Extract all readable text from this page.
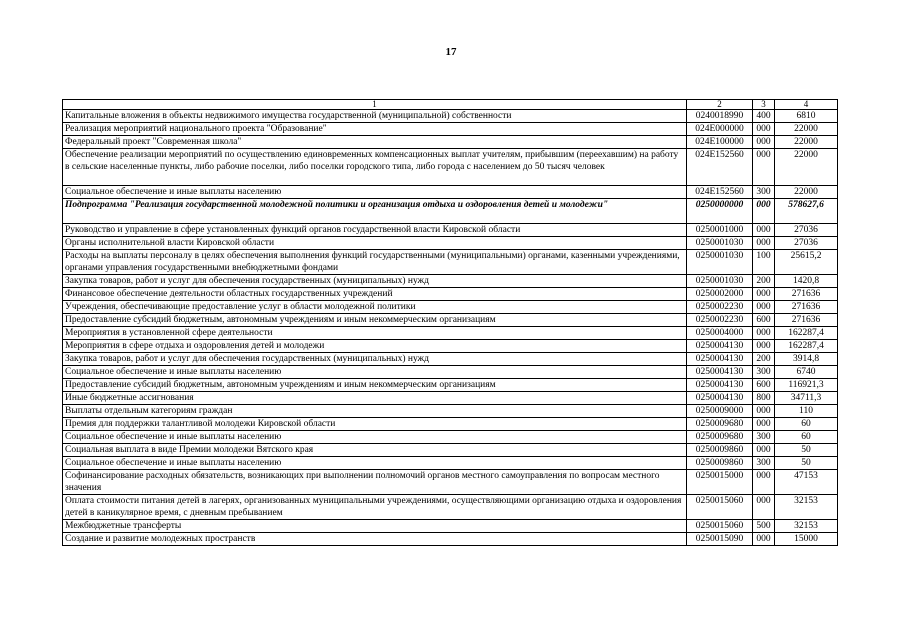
17
1	2	3	4
Капитальные вложения в объекты недвижимого имущества государственной (муниципальной) собственности	0240018990	400	6810
Реализация мероприятий национального проекта "Образование"	024E000000	000	22000
Федеральный проект "Современная школа"	024E100000	000	22000
Обеспечение реализации мероприятий по осуществлению единовременных компенсационных выплат учителям, прибывшим (переехавшим) на работу в сельские населенные пункты, либо рабочие поселки, либо поселки городского типа, либо города с населением до 50 тысяч человек	024E152560	000	22000
Социальное обеспечение и иные выплаты населению	024E152560	300	22000
Подпрограмма "Реализация государственной молодежной политики и организация отдыха и оздоровления детей и молодежи"	0250000000	000	578627,6
Руководство и управление в сфере установленных функций органов государственной власти Кировской области	0250001000	000	27036
Органы исполнительной власти Кировской области	0250001030	000	27036
Расходы на выплаты персоналу в целях обеспечения выполнения функций государственными (муниципальными) органами, казенными учреждениями, органами управления государственными внебюджетными фондами	0250001030	100	25615,2
Закупка товаров, работ и услуг для обеспечения государственных (муниципальных) нужд	0250001030	200	1420,8
Финансовое обеспечение деятельности областных государственных учреждений	0250002000	000	271636
Учреждения, обеспечивающие предоставление услуг в области молодежной политики	0250002230	000	271636
Предоставление субсидий бюджетным, автономным учреждениям и иным некоммерческим организациям	0250002230	600	271636
Мероприятия в установленной сфере деятельности	0250004000	000	162287,4
Мероприятия в сфере отдыха и оздоровления детей и молодежи	0250004130	000	162287,4
Закупка товаров, работ и услуг для обеспечения государственных (муниципальных) нужд	0250004130	200	3914,8
Социальное обеспечение и иные выплаты населению	0250004130	300	6740
Предоставление субсидий бюджетным, автономным учреждениям и иным некоммерческим организациям	0250004130	600	116921,3
Иные бюджетные ассигнования	0250004130	800	34711,3
Выплаты отдельным категориям граждан	0250009000	000	110
Премия для поддержки талантливой молодежи Кировской области	0250009680	000	60
Социальное обеспечение и иные выплаты населению	0250009680	300	60
Социальная выплата в виде Премии молодежи Вятского края	0250009860	000	50
Социальное обеспечение и иные выплаты населению	0250009860	300	50
Софинансирование расходных обязательств, возникающих при выполнении полномочий органов местного самоуправления по вопросам местного значения	0250015000	000	47153
Оплата стоимости питания детей в лагерях, организованных муниципальными учреждениями, осуществляющими организацию отдыха и оздоровления детей в каникулярное время, с дневным пребыванием	0250015060	000	32153
Межбюджетные трансферты	0250015060	500	32153
Создание и развитие молодежных пространств	0250015090	000	15000
